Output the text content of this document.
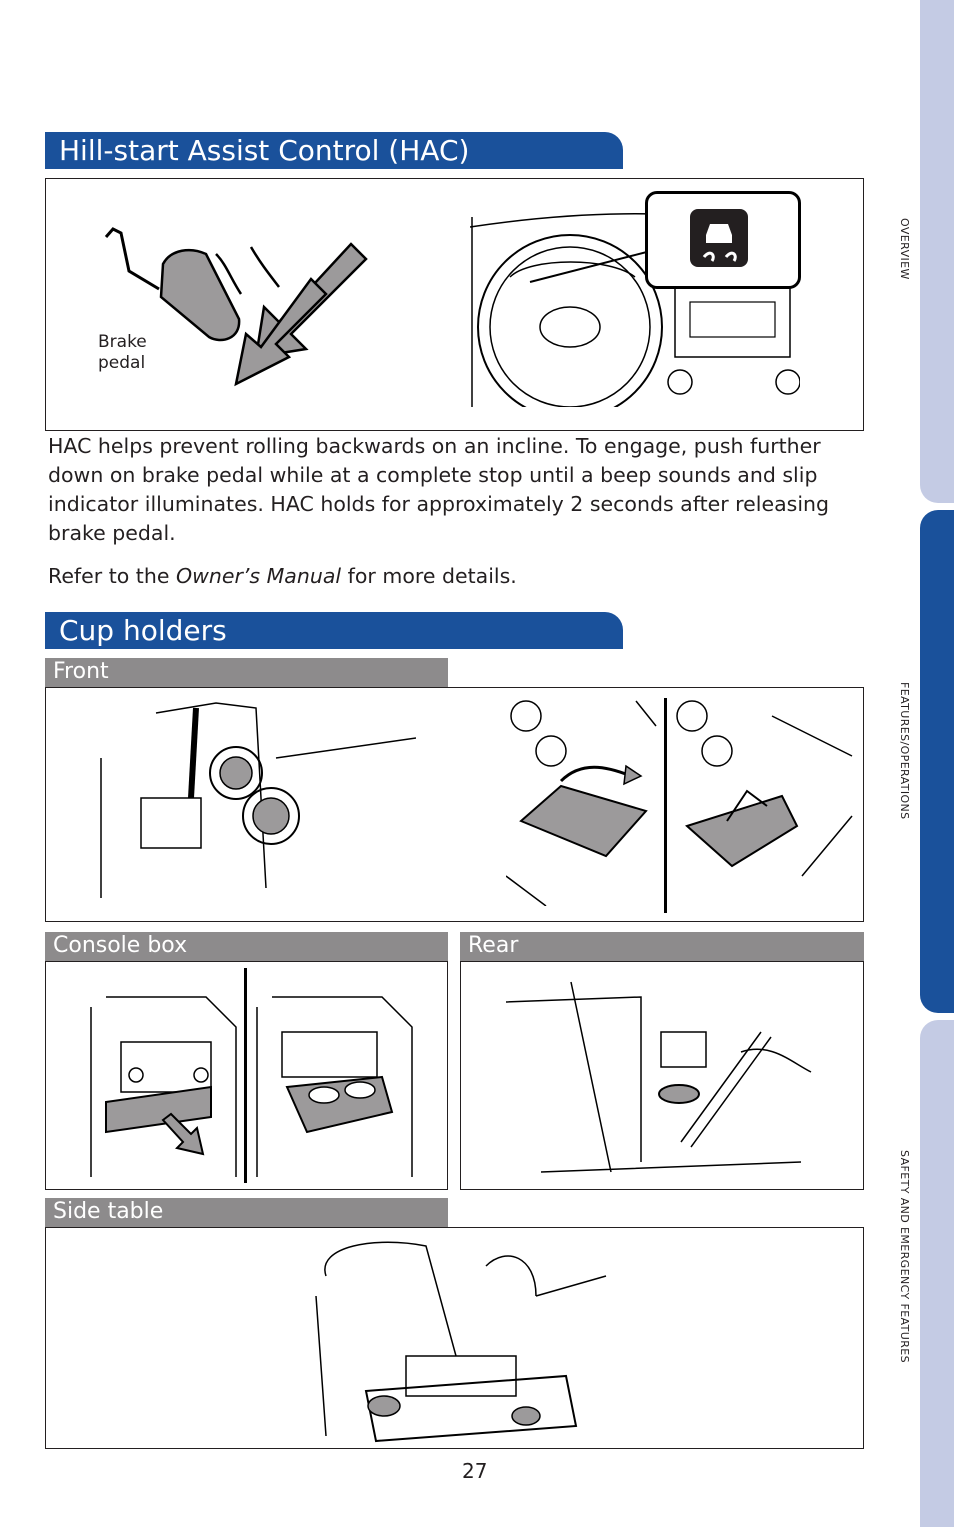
OVERVIEW
FEATURES/OPERATIONS
SAFETY AND EMERGENCY FEATURES
Hill-start Assist Control (HAC)
Brake
pedal

HAC helps prevent rolling backwards on an incline. To engage, push further down on brake pedal while at a complete stop until a beep sounds and slip indicator illuminates. HAC holds for approximately 2 seconds after releasing brake pedal.

Refer to the Owner’s Manual for more details.

Cup holders
Front
Console box	Rear
Side table
27
